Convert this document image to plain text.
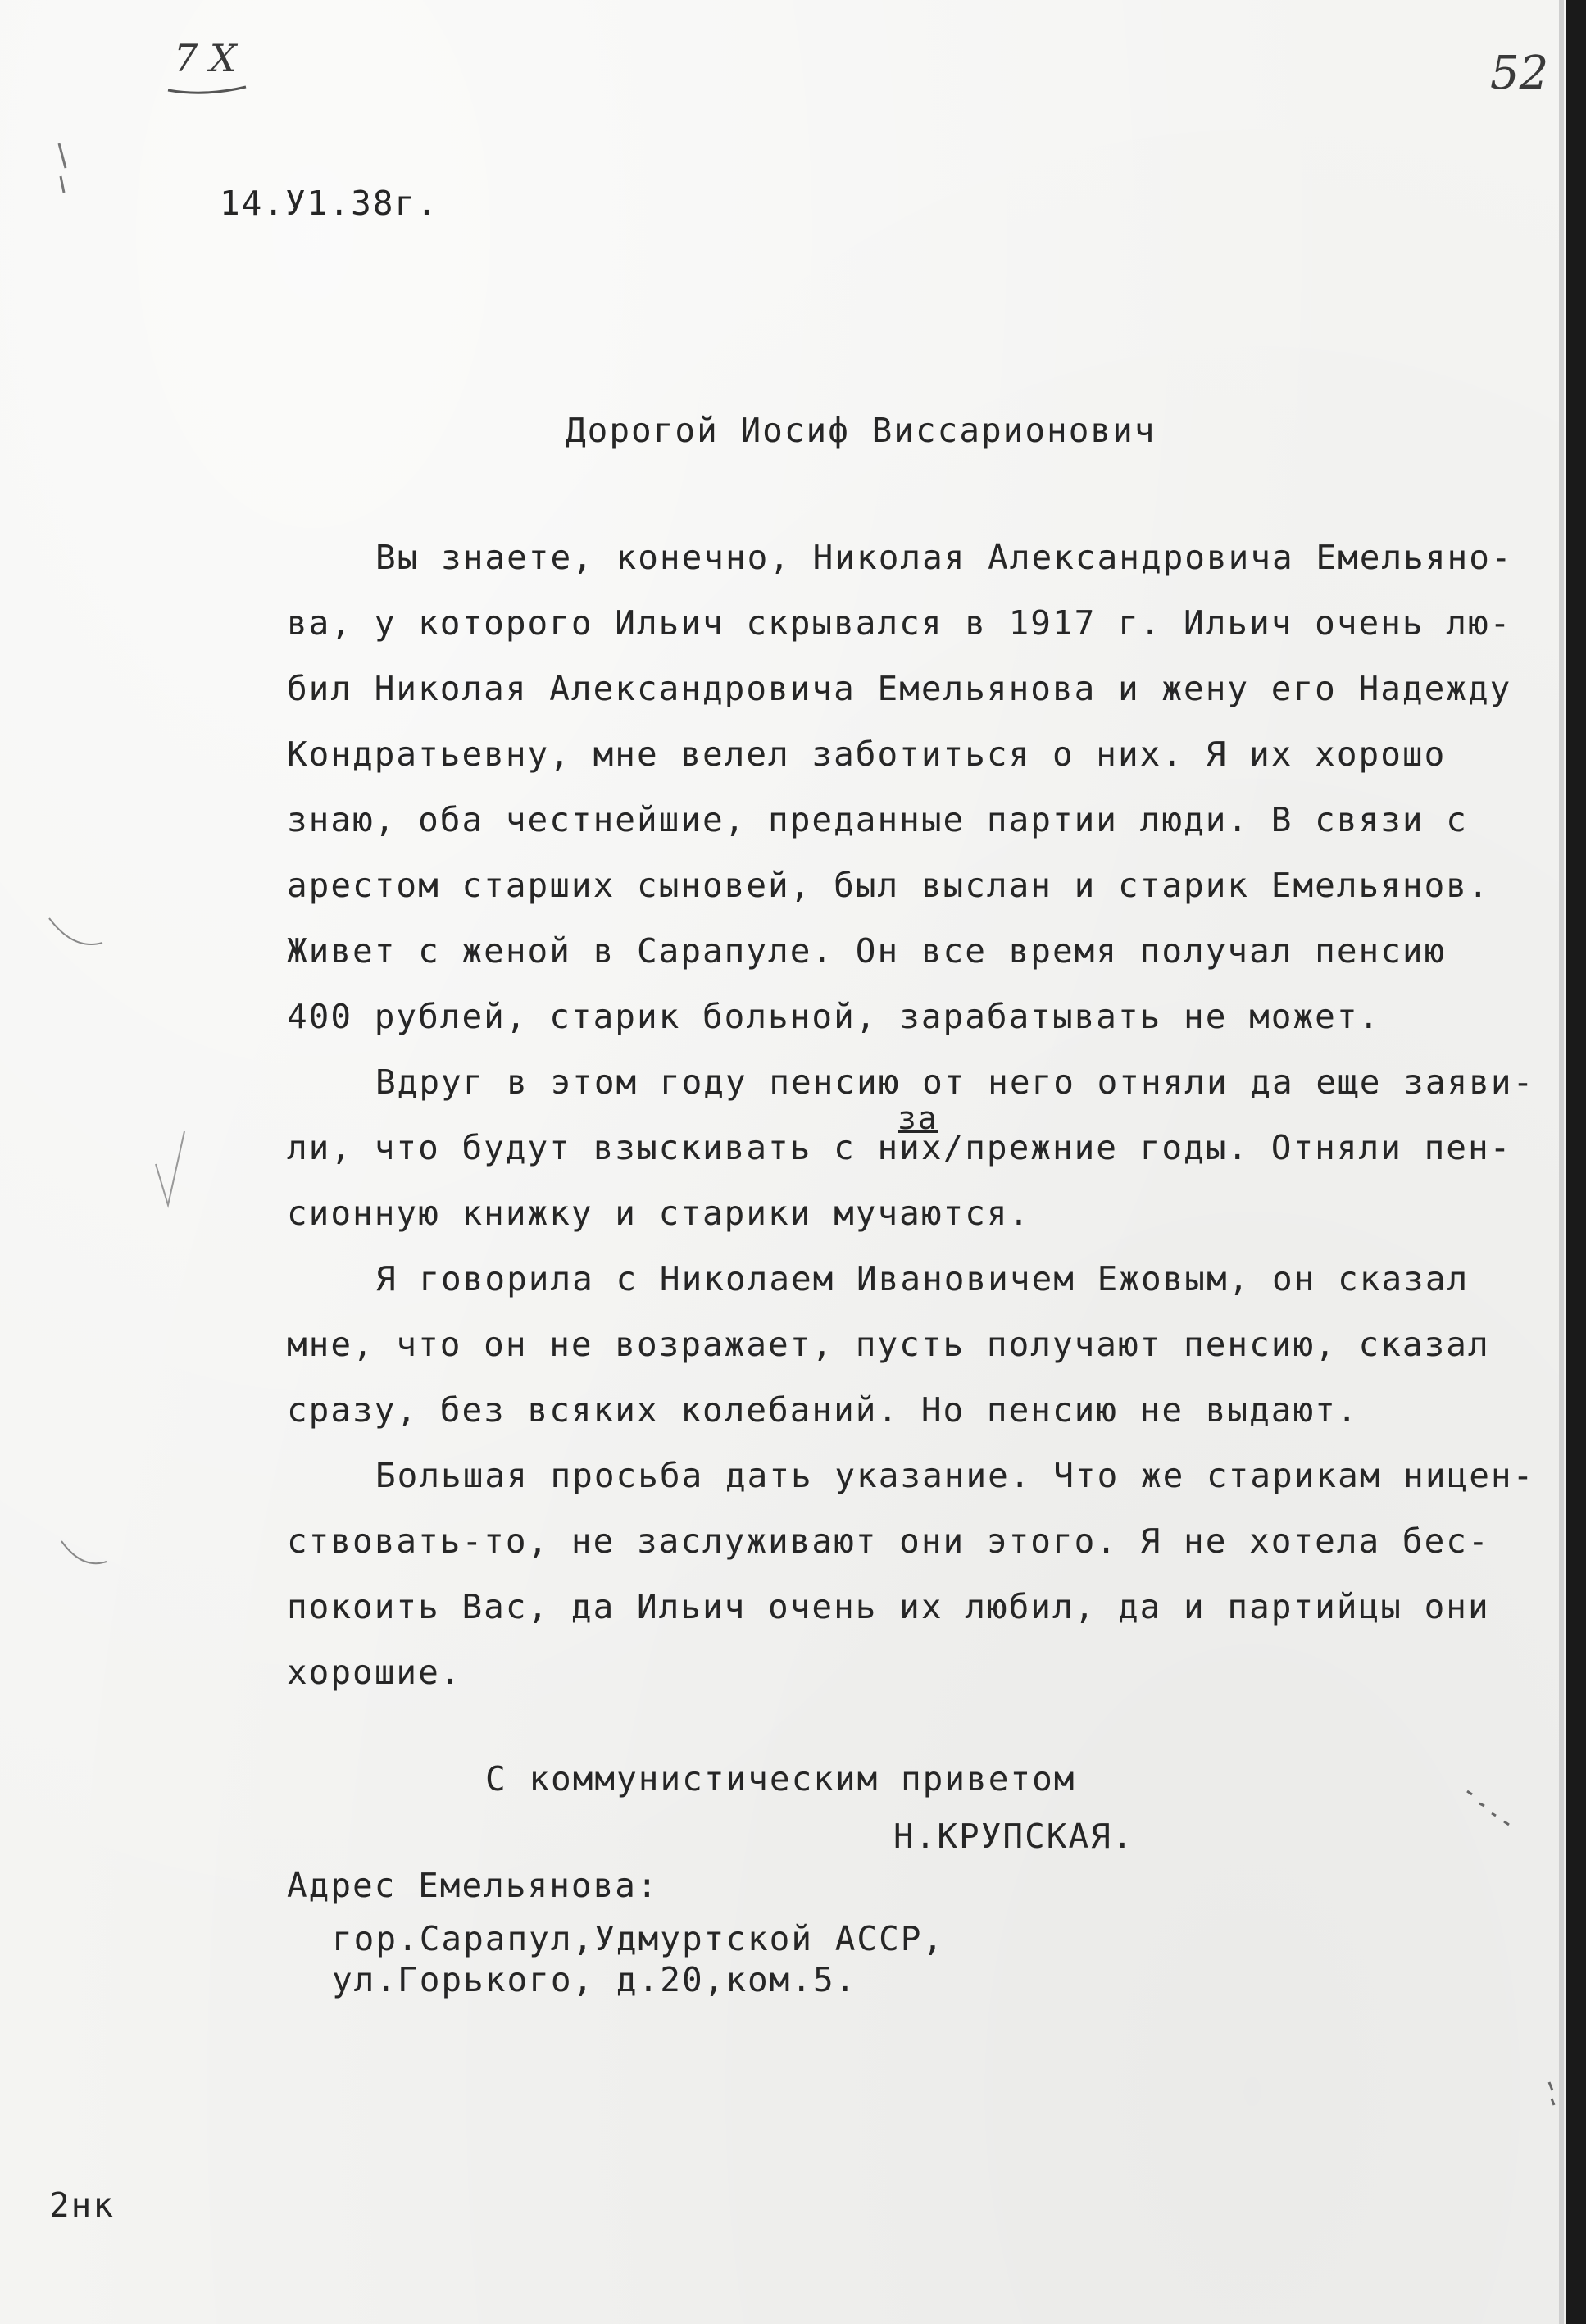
7 X	52
14.У1.38г.
Дорогой Иосиф Виссарионович
Вы знаете, конечно, Николая Александровича Емельяно-
ва, у которого Ильич скрывался в 1917 г. Ильич очень лю-
бил Николая Александровича Емельянова и жену его Надежду
Кондратьевну, мне велел заботиться о них. Я их хорошо
знаю, оба честнейшие, преданные партии люди. В связи с
арестом старших сыновей, был выслан и старик Емельянов.
Живет с женой в Сарапуле. Он все время получал пенсию
400 рублей, старик больной, зарабатывать не может.
Вдруг в этом году пенсию от него отняли да еще заяви-
за
ли, что будут взыскивать с них/прежние годы. Отняли пен-
сионную книжку и старики мучаются.
Я говорила с Николаем Ивановичем Ежовым, он сказал
мне, что он не возражает, пусть получают пенсию, сказал
сразу, без всяких колебаний. Но пенсию не выдают.
Большая просьба дать указание. Что же старикам ницен-
ствовать-то, не заслуживают они этого. Я не хотела бес-
покоить Вас, да Ильич очень их любил, да и партийцы они
хорошие.
С коммунистическим приветом
Н.КРУПСКАЯ.
Адрес Емельянова:
гор.Сарапул,Удмуртской АССР,
ул.Горького, д.20,ком.5.
2нк
